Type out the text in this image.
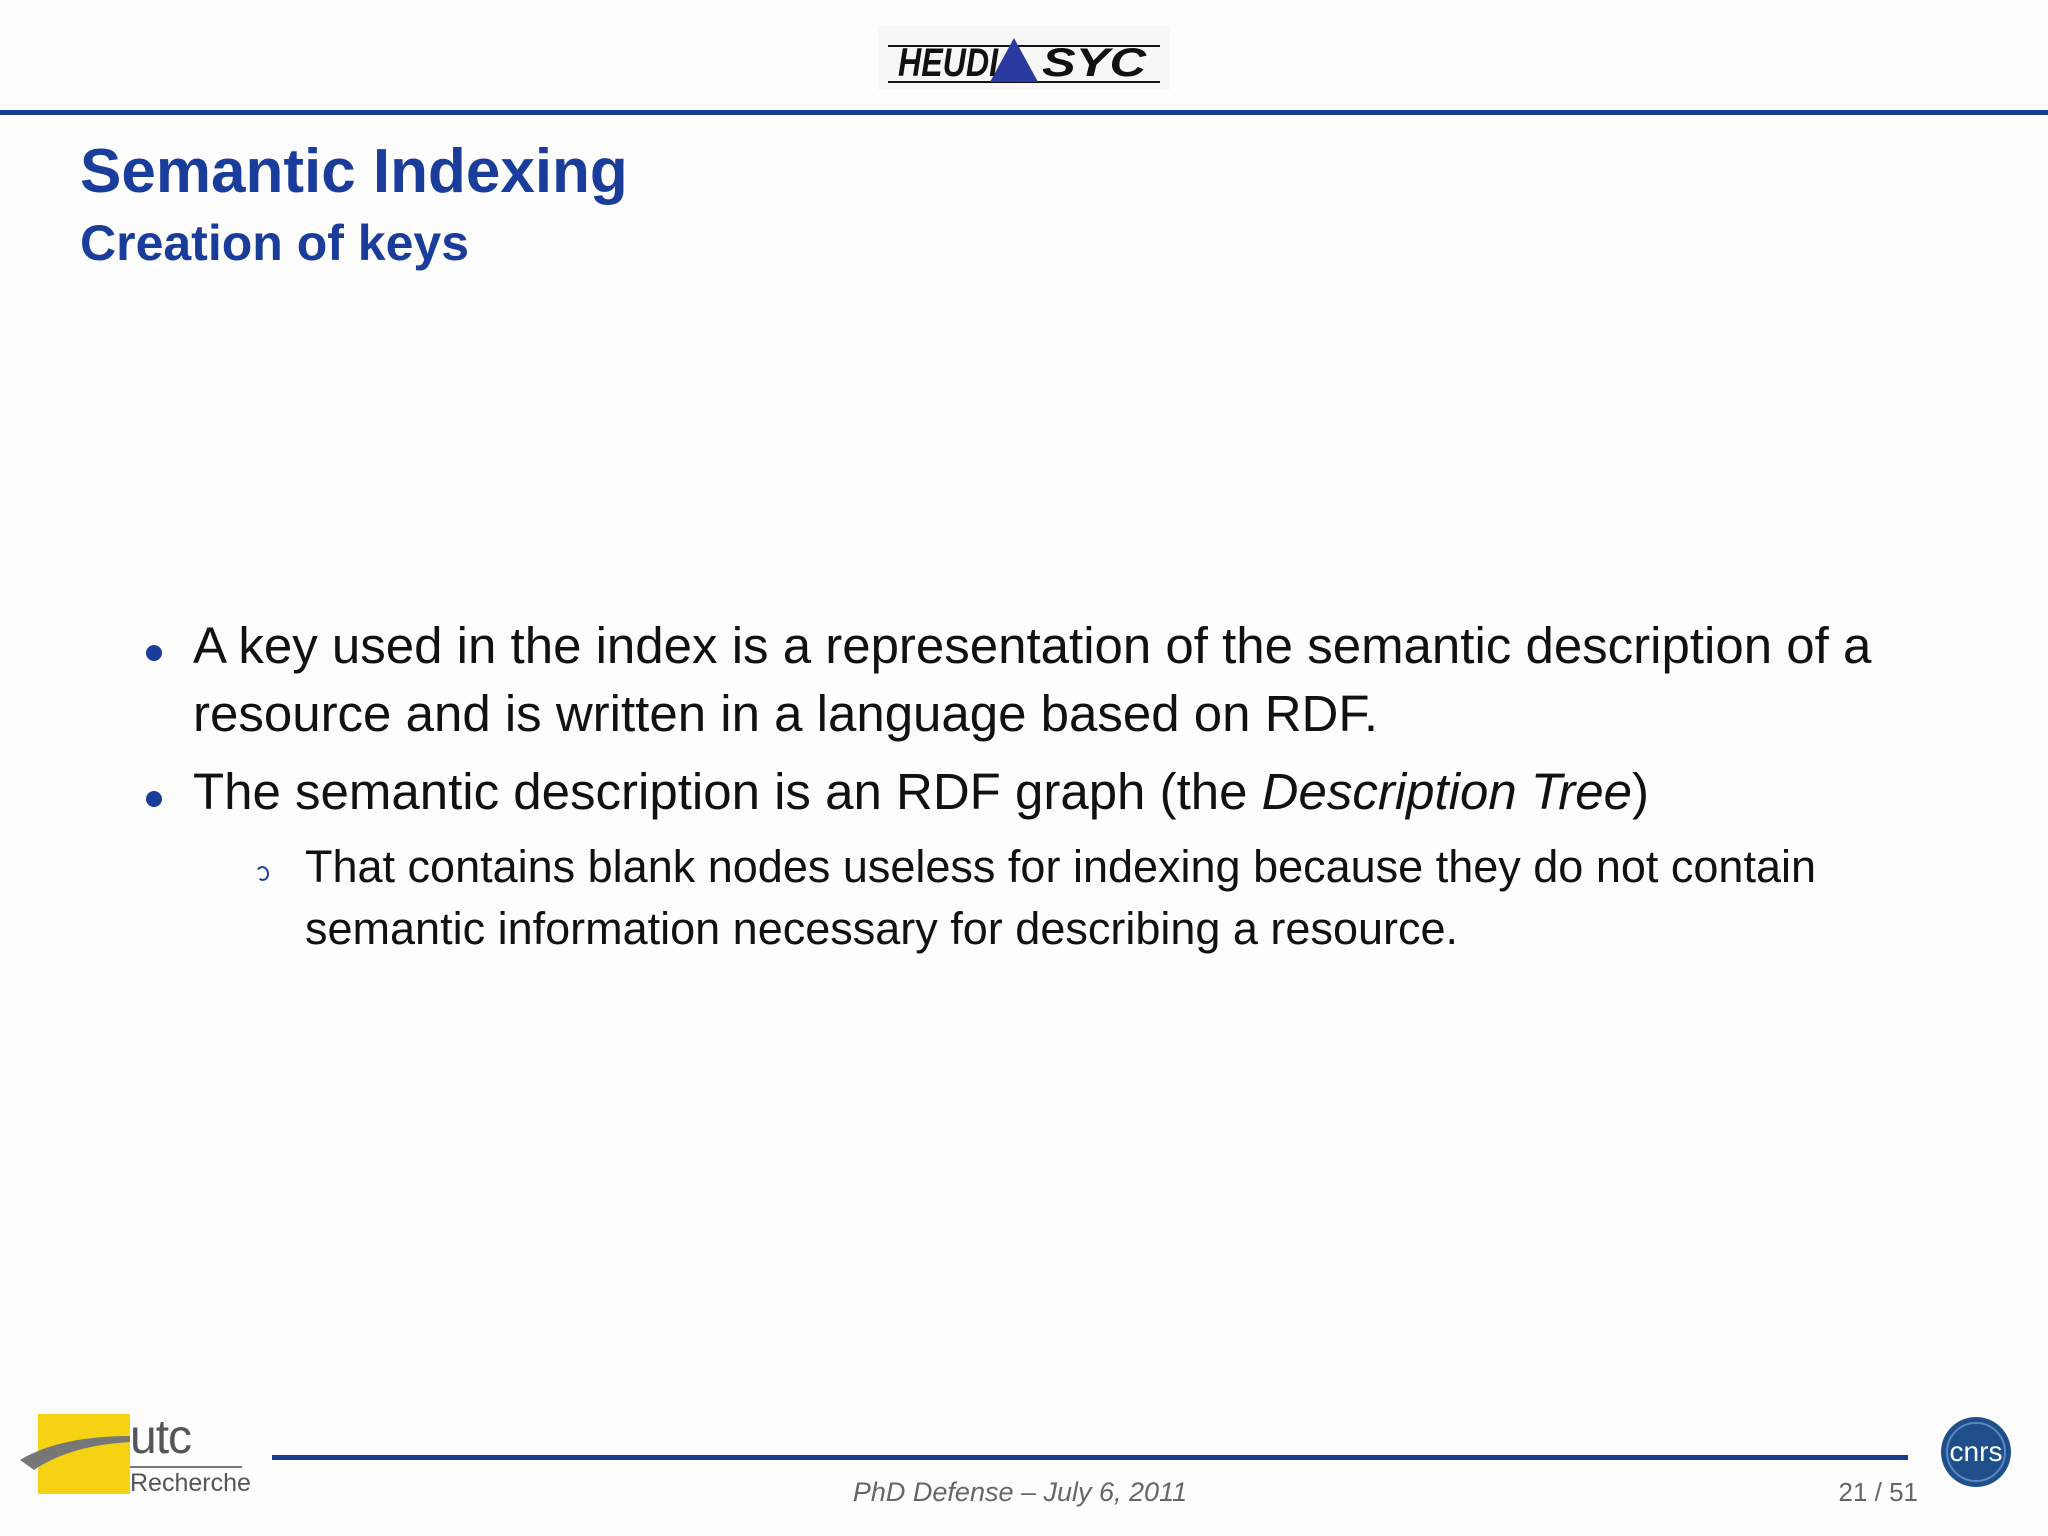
HEUDI SYC
Semantic Indexing
Creation of keys

A key used in the index is a representation of the semantic description of a
resource and is written in a language based on RDF.

The semantic description is an RDF graph (the Description Tree)

That contains blank nodes useless for indexing because they do not contain
semantic information necessary for describing a resource.

utc
Recherche	PhD Defense – July 6, 2011	21 / 51
cnrs
